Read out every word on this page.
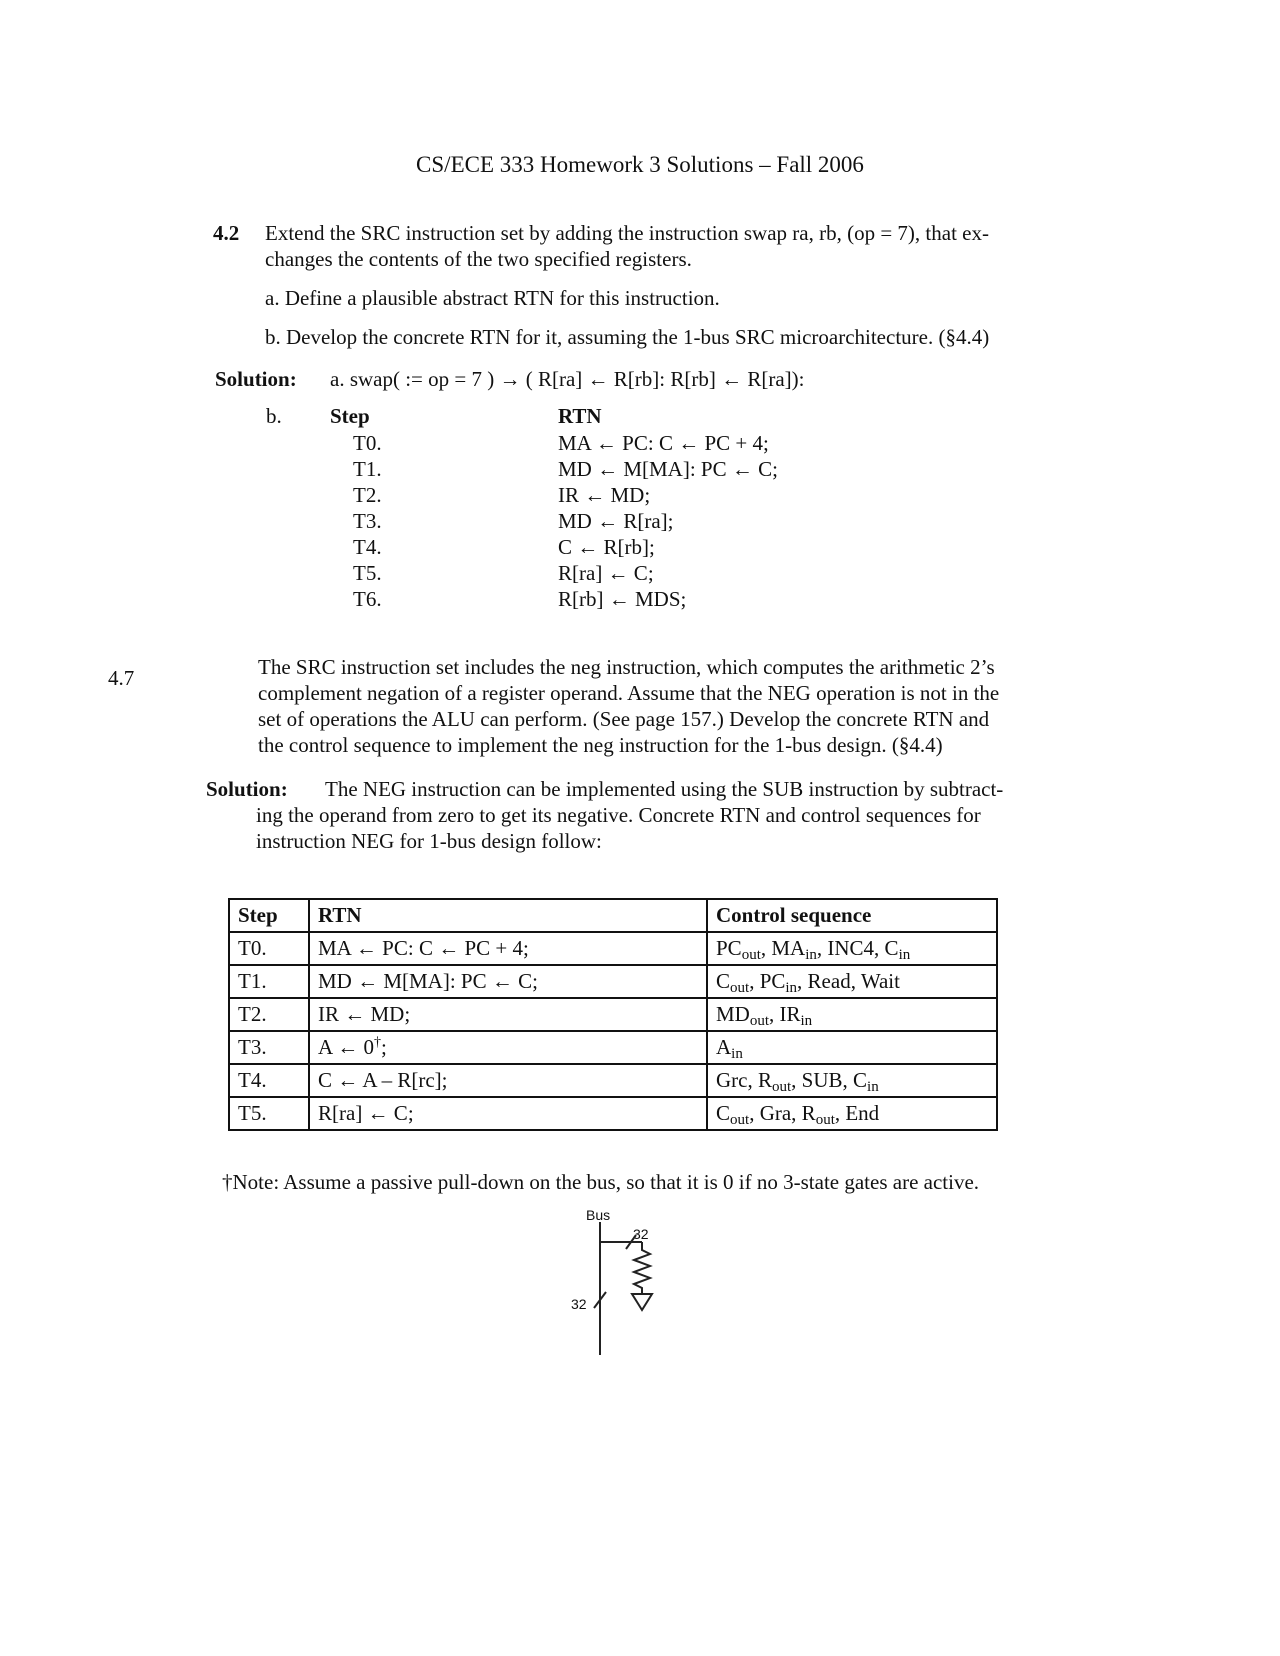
CS/ECE 333 Homework 3 Solutions – Fall 2006
4.2 Extend the SRC instruction set by adding the instruction swap ra, rb, (op = 7), that ex-
changes the contents of the two specified registers.
a. Define a plausible abstract RTN for this instruction.
b. Develop the concrete RTN for it, assuming the 1-bus SRC microarchitecture. (§4.4)
Solution: a. swap( := op = 7 ) → ( R[ra] ← R[rb]: R[rb] ← R[ra]):
b. Step	RTN
T0.	MA ← PC: C ← PC + 4;
T1.	MD ← M[MA]: PC ← C;
T2.	IR ← MD;
T3.	MD ← R[ra];
T4.	C ← R[rb];
T5.	R[ra] ← C;
T6.	R[rb] ← MDS;
4.7	The SRC instruction set includes the neg instruction, which computes the arithmetic 2’s
complement negation of a register operand. Assume that the NEG operation is not in the
set of operations the ALU can perform. (See page 157.) Develop the concrete RTN and
the control sequence to implement the neg instruction for the 1-bus design. (§4.4)
Solution: The NEG instruction can be implemented using the SUB instruction by subtract-
ing the operand from zero to get its negative. Concrete RTN and control sequences for
instruction NEG for 1-bus design follow:
Step	RTN	Control sequence
T0.	MA ← PC: C ← PC + 4;	$PC_{out}$, $MA_{in}$, INC4, $C_{in}$
T1.	MD ← M[MA]: PC ← C;	$C_{out}$, $PC_{in}$, Read, Wait
T2.	IR ← MD;	$MD_{out}$, $IR_{in}$
T3.	A ← 0†;	$A_{in}$
T4.	C ← A – R[rc];	Grc, $R_{out}$, SUB, $C_{in}$
T5.	R[ra] ← C;	$C_{out}$, Gra, $R_{out}$, End
†Note: Assume a passive pull-down on the bus, so that it is 0 if no 3-state gates are active.
Bus
32
32
